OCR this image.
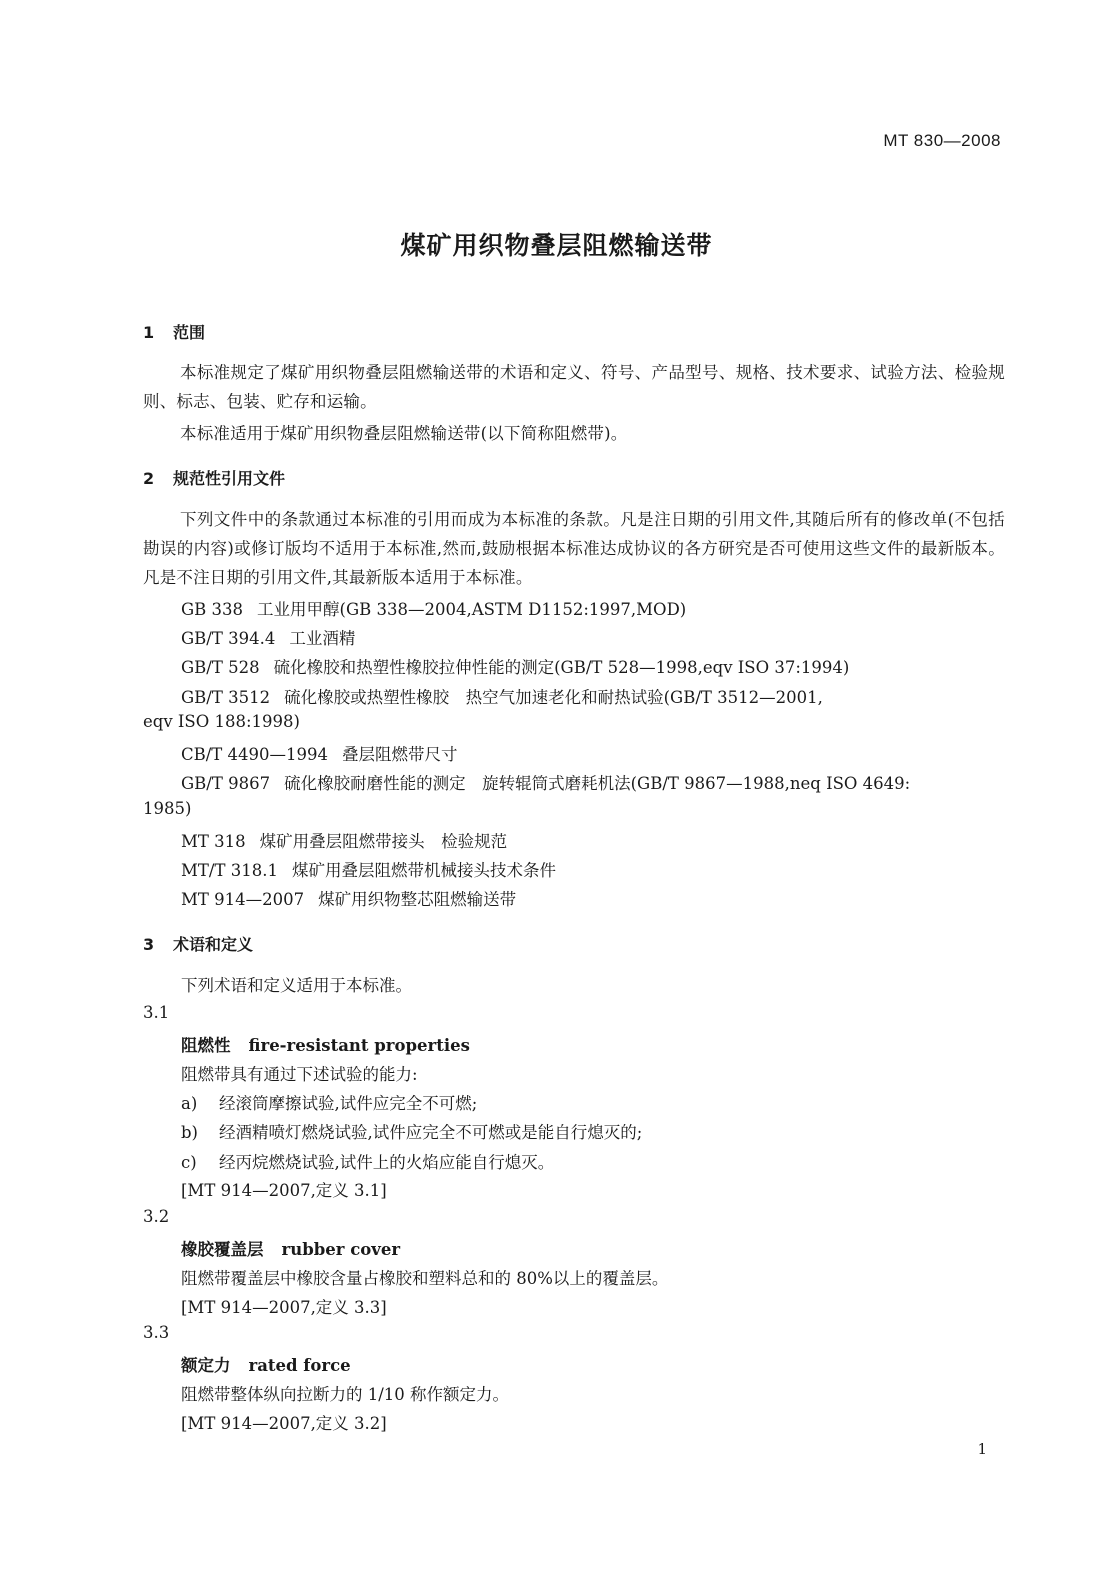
MT 830—2008
煤矿用织物叠层阻燃输送带
1 范围
本标准规定了煤矿用织物叠层阻燃输送带的术语和定义、符号、产品型号、规格、技术要求、试验方法、检验规则、标志、包装、贮存和运输。
本标准适用于煤矿用织物叠层阻燃输送带(以下简称阻燃带)。
2 规范性引用文件
下列文件中的条款通过本标准的引用而成为本标准的条款。凡是注日期的引用文件,其随后所有的修改单(不包括勘误的内容)或修订版均不适用于本标准,然而,鼓励根据本标准达成协议的各方研究是否可使用这些文件的最新版本。凡是不注日期的引用文件,其最新版本适用于本标准。
GB 338 工业用甲醇(GB 338—2004,ASTM D1152:1997,MOD)
GB/T 394.4 工业酒精
GB/T 528 硫化橡胶和热塑性橡胶拉伸性能的测定(GB/T 528—1998,eqv ISO 37:1994)
GB/T 3512 硫化橡胶或热塑性橡胶　热空气加速老化和耐热试验(GB/T 3512—2001,
eqv ISO 188:1998)
CB/T 4490—1994 叠层阻燃带尺寸
GB/T 9867 硫化橡胶耐磨性能的测定　旋转辊筒式磨耗机法(GB/T 9867—1988,neq ISO 4649:
1985)
MT 318 煤矿用叠层阻燃带接头　检验规范
MT/T 318.1 煤矿用叠层阻燃带机械接头技术条件
MT 914—2007 煤矿用织物整芯阻燃输送带
3 术语和定义
下列术语和定义适用于本标准。
3.1
阻燃性 fire-resistant properties
阻燃带具有通过下述试验的能力:
a) 经滚筒摩擦试验,试件应完全不可燃;
b) 经酒精喷灯燃烧试验,试件应完全不可燃或是能自行熄灭的;
c) 经丙烷燃烧试验,试件上的火焰应能自行熄灭。
[MT 914—2007,定义 3.1]
3.2
橡胶覆盖层 rubber cover
阻燃带覆盖层中橡胶含量占橡胶和塑料总和的 80%以上的覆盖层。
[MT 914—2007,定义 3.3]
3.3
额定力 rated force
阻燃带整体纵向拉断力的 1/10 称作额定力。
[MT 914—2007,定义 3.2]
1
